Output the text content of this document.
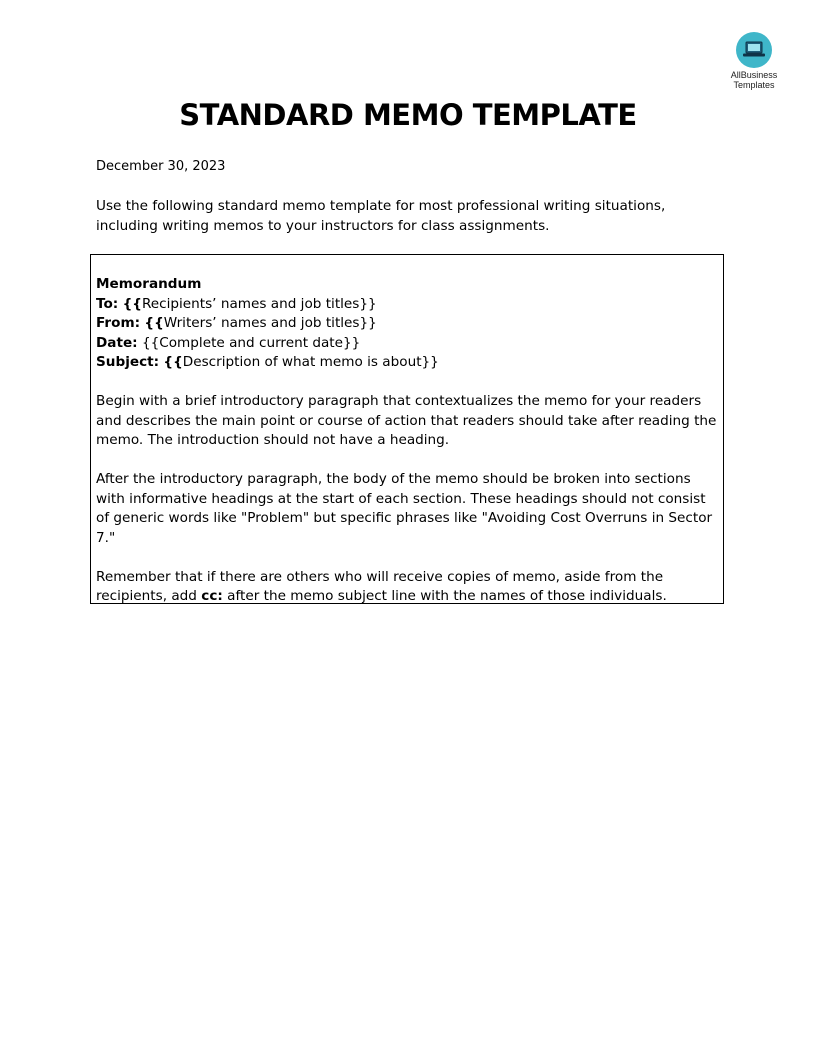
AllBusiness
Templates
STANDARD MEMO TEMPLATE
December 30, 2023

Use the following standard memo template for most professional writing situations, including writing memos to your instructors for class assignments.

Memorandum

To: {{Recipients’ names and job titles}}

From: {{Writers’ names and job titles}}

Date: {{Complete and current date}}

Subject: {{Description of what memo is about}}

Begin with a brief introductory paragraph that contextualizes the memo for your readers and describes the main point or course of action that readers should take after reading the memo. The introduction should not have a heading.

After the introductory paragraph, the body of the memo should be broken into sections with informative headings at the start of each section. These headings should not consist of generic words like "Problem" but specific phrases like "Avoiding Cost Overruns in Sector 7."

Remember that if there are others who will receive copies of memo, aside from the recipients, add cc: after the memo subject line with the names of those individuals.
